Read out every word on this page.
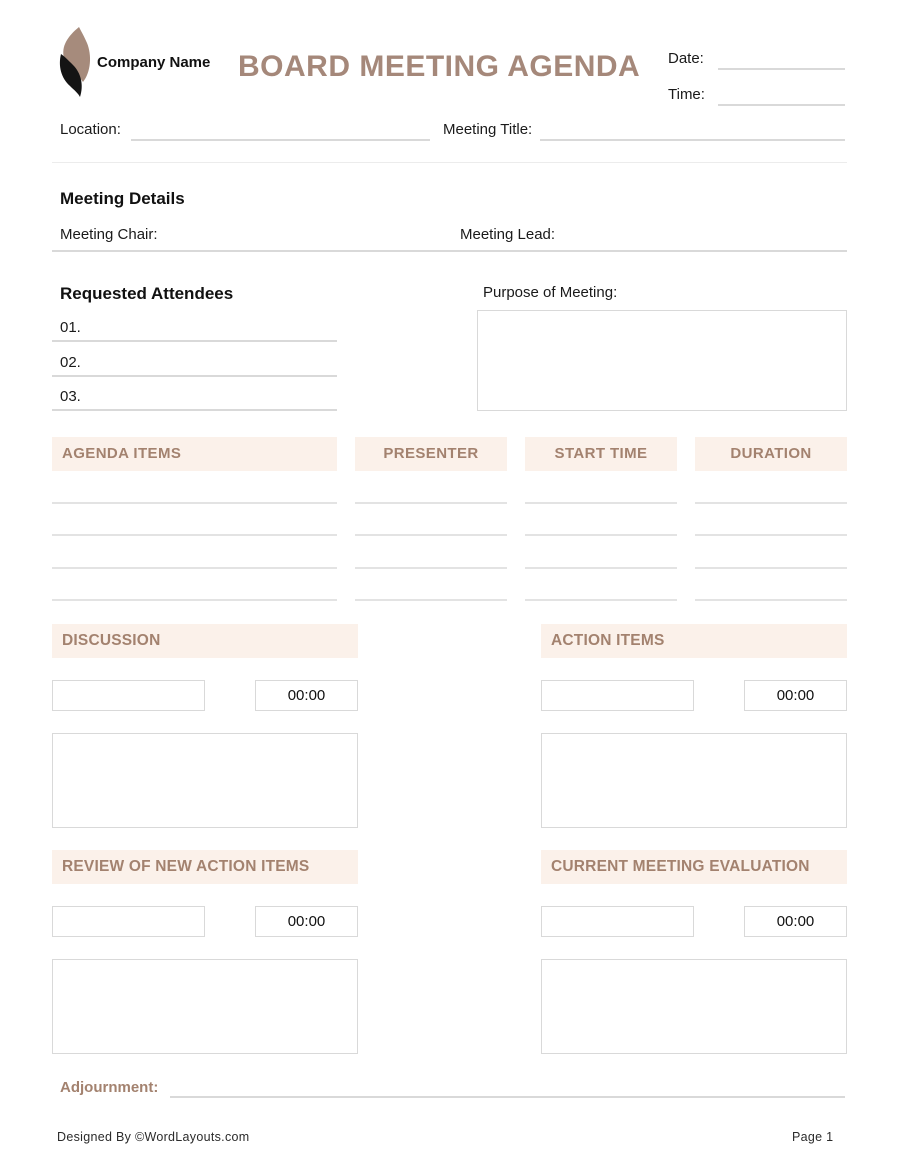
Company Name BOARD MEETING AGENDA Date:
Time:
Location:	Meeting Title:
Meeting Details
Meeting Chair:	Meeting Lead:
Requested Attendees
01.
02.
03.
Purpose of Meeting:
AGENDA ITEMS	PRESENTER	START TIME	DURATION
DISCUSSION
00:00
ACTION ITEMS
00:00
REVIEW OF NEW ACTION ITEMS
00:00
CURRENT MEETING EVALUATION
00:00
Adjournment:
Designed By ©WordLayouts.com	Page 1
